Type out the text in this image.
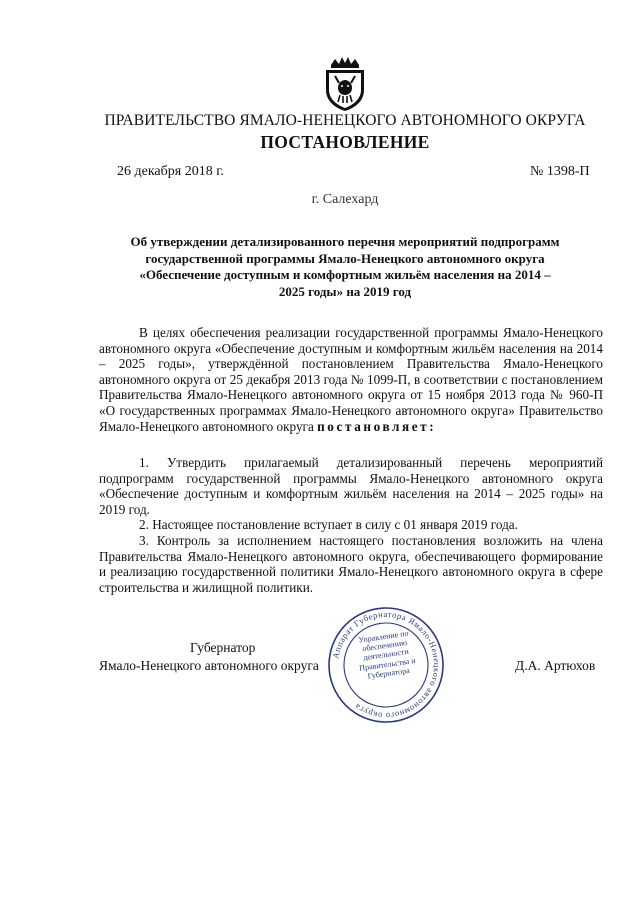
ПРАВИТЕЛЬСТВО ЯМАЛО-НЕНЕЦКОГО АВТОНОМНОГО ОКРУГА
ПОСТАНОВЛЕНИЕ
26 декабря 2018 г.	№ 1398-П
г. Салехард
Об утверждении детализированного перечня мероприятий подпрограмм государственной программы Ямало-Ненецкого автономного округа «Обеспечение доступным и комфортным жильём населения на 2014 – 2025 годы» на 2019 год

В целях обеспечения реализации государственной программы Ямало-Ненецкого автономного округа «Обеспечение доступным и комфортным жильём населения на 2014 – 2025 годы», утверждённой постановлением Правительства Ямало-Ненецкого автономного округа от 25 декабря 2013 года № 1099-П, в соответствии с постановлением Правительства Ямало-Ненецкого автономного округа от 15 ноября 2013 года № 960-П «О государственных программах Ямало-Ненецкого автономного округа» Правительство Ямало-Ненецкого автономного округа постановляет:

1. Утвердить прилагаемый детализированный перечень мероприятий подпрограмм государственной программы Ямало-Ненецкого автономного округа «Обеспечение доступным и комфортным жильём населения на 2014 – 2025 годы» на 2019 год.

2. Настоящее постановление вступает в силу с 01 января 2019 года.

3. Контроль за исполнением настоящего постановления возложить на члена Правительства Ямало-Ненецкого автономного округа, обеспечивающего формирование и реализацию государственной политики Ямало-Ненецкого автономного округа в сфере строительства и жилищной политики.

Губернатор
Ямало-Ненецкого автономного округа	Д.А. Артюхов
Аппарат Губернатора Ямало-Ненецкого автономного округа
Управление по обеспечению деятельности Правительства и Губернатора
